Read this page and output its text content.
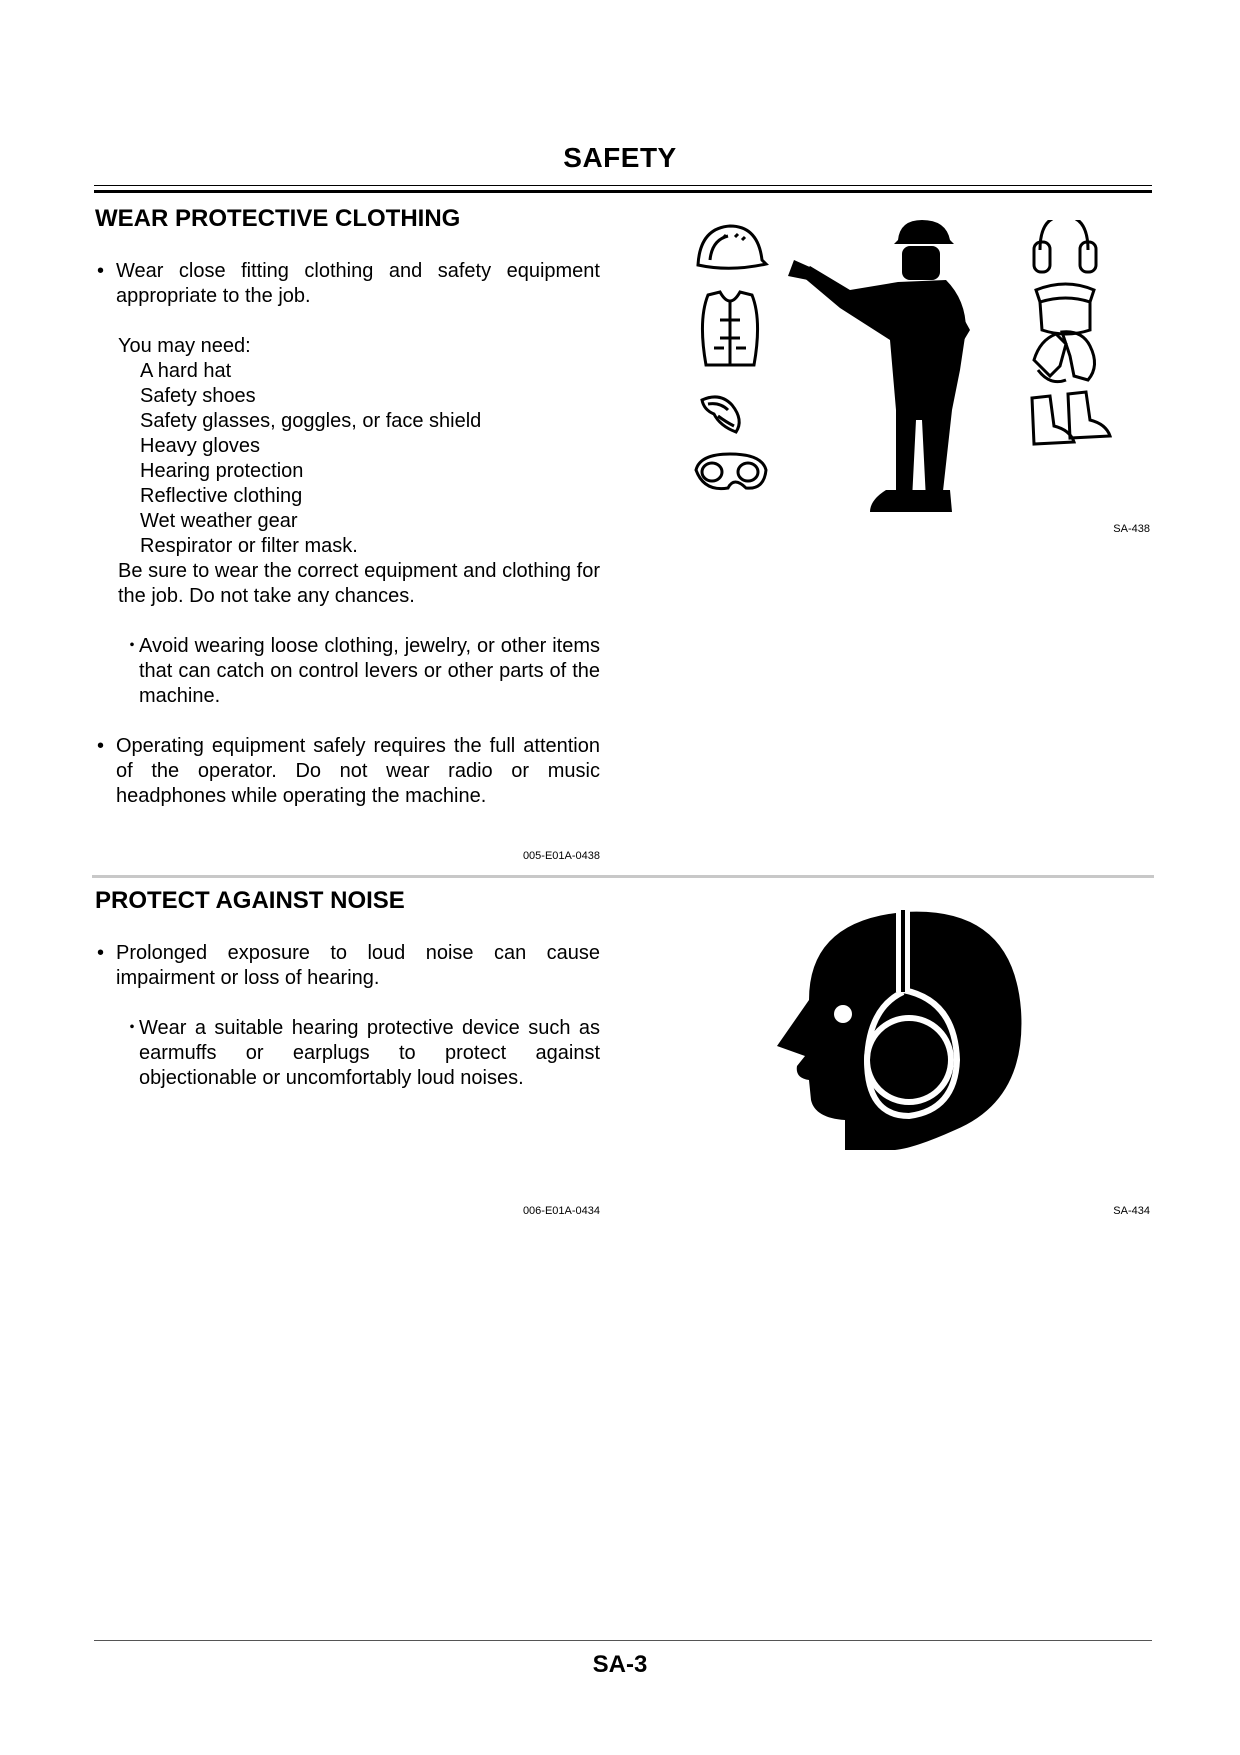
SAFETY
WEAR PROTECTIVE CLOTHING
• Wear close fitting clothing and safety equipment appropriate to the job.
You may need:
A hard hat
Safety shoes
Safety glasses, goggles, or face shield
Heavy gloves
Hearing protection
Reflective clothing
Wet weather gear
Respirator or filter mask.
Be sure to wear the correct equipment and clothing for the job. Do not take any chances.
・
Avoid wearing loose clothing, jewelry, or other items that can catch on control levers or other parts of the machine.
• Operating equipment safely requires the full attention of the operator. Do not wear radio or music headphones while operating the machine.
005-E01A-0438
SA-438
PROTECT AGAINST NOISE
• Prolonged exposure to loud noise can cause impairment or loss of hearing.
・
Wear a suitable hearing protective device such as earmuffs or earplugs to protect against objectionable or uncomfortably loud noises.
006-E01A-0434	SA-434
SA-3
